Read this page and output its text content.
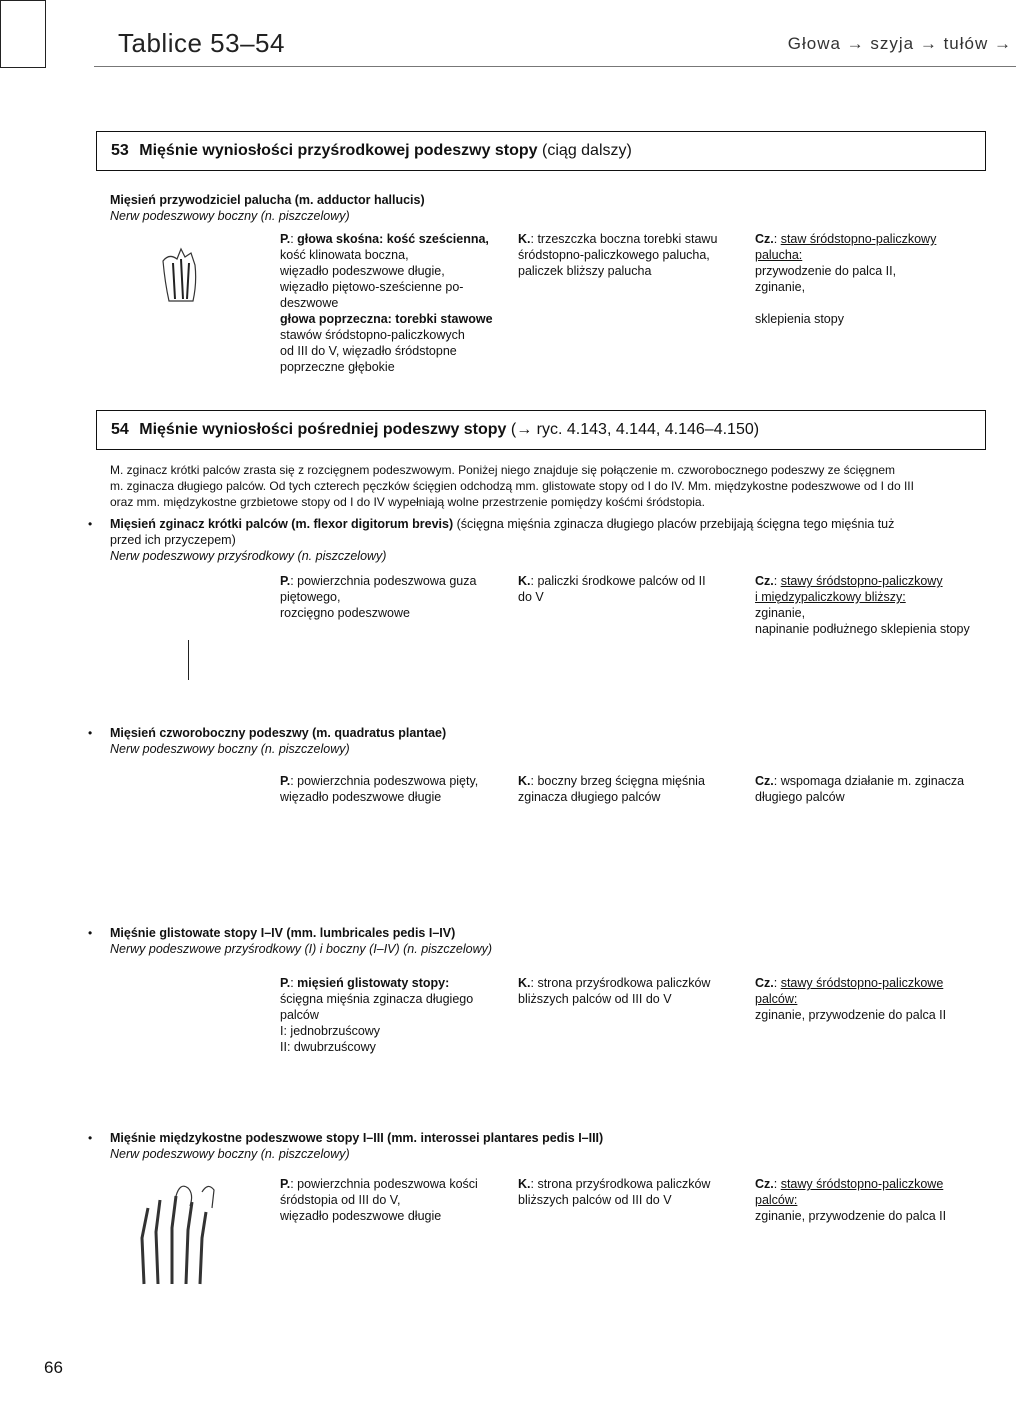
Tablice 53–54	Głowa → szyja → tułów →
53 Mięśnie wyniosłości przyśrodkowej podeszwy stopy (ciąg dalszy)
Mięsień przywodziciel palucha (m. adductor hallucis)
Nerw podeszwowy boczny (n. piszczelowy)
P.: głowa skośna: kość sześcienna,
kość klinowata boczna,
więzadło podeszwowe długie,
więzadło piętowo-sześcienne po-
deszwowe
głowa poprzeczna: torebki stawowe
stawów śródstopno-paliczkowych
od III do V, więzadło śródstopne
poprzeczne głębokie
K.: trzeszczka boczna torebki stawu
śródstopno-paliczkowego palucha,
paliczek bliższy palucha
Cz.: staw śródstopno-paliczkowy
palucha:
przywodzenie do palca II,
zginanie,

sklepienia stopy
54 Mięśnie wyniosłości pośredniej podeszwy stopy (→ ryc. 4.143, 4.144, 4.146–4.150)
M. zginacz krótki palców zrasta się z rozcięgnem podeszwowym. Poniżej niego znajduje się połączenie m. czworobocznego podeszwy ze ścięgnem
m. zginacza długiego palców. Od tych czterech pęczków ścięgien odchodzą mm. glistowate stopy od I do IV. Mm. międzykostne podeszwowe od I do III
oraz mm. międzykostne grzbietowe stopy od I do IV wypełniają wolne przestrzenie pomiędzy kośćmi śródstopia.
• Mięsień zginacz krótki palców (m. flexor digitorum brevis) (ścięgna mięśnia zginacza długiego placów przebijają ścięgna tego mięśnia tuż
przed ich przyczepem)
Nerw podeszwowy przyśrodkowy (n. piszczelowy)
P.: powierzchnia podeszwowa guza
piętowego,
rozcięgno podeszwowe
K.: paliczki środkowe palców od II
do V
Cz.: stawy śródstopno-paliczkowy
i międzypaliczkowy bliższy:
zginanie,
napinanie podłużnego sklepienia stopy
• Mięsień czworoboczny podeszwy (m. quadratus plantae)
Nerw podeszwowy boczny (n. piszczelowy)
P.: powierzchnia podeszwowa pięty,
więzadło podeszwowe długie
K.: boczny brzeg ścięgna mięśnia
zginacza długiego palców
Cz.: wspomaga działanie m. zginacza
długiego palców
• Mięśnie glistowate stopy I–IV (mm. lumbricales pedis I–IV)
Nerwy podeszwowe przyśrodkowy (I) i boczny (I–IV) (n. piszczelowy)
P.: mięsień glistowaty stopy:
ścięgna mięśnia zginacza długiego
palców
I: jednobrzuścowy
II: dwubrzuścowy
K.: strona przyśrodkowa paliczków
bliższych palców od III do V
Cz.: stawy śródstopno-paliczkowe
palców:
zginanie, przywodzenie do palca II
• Mięśnie międzykostne podeszwowe stopy I–III (mm. interossei plantares pedis I–III)
Nerw podeszwowy boczny (n. piszczelowy)
P.: powierzchnia podeszwowa kości
śródstopia od III do V,
więzadło podeszwowe długie
K.: strona przyśrodkowa paliczków
bliższych palców od III do V
Cz.: stawy śródstopno-paliczkowe
palców:
zginanie, przywodzenie do palca II
66
